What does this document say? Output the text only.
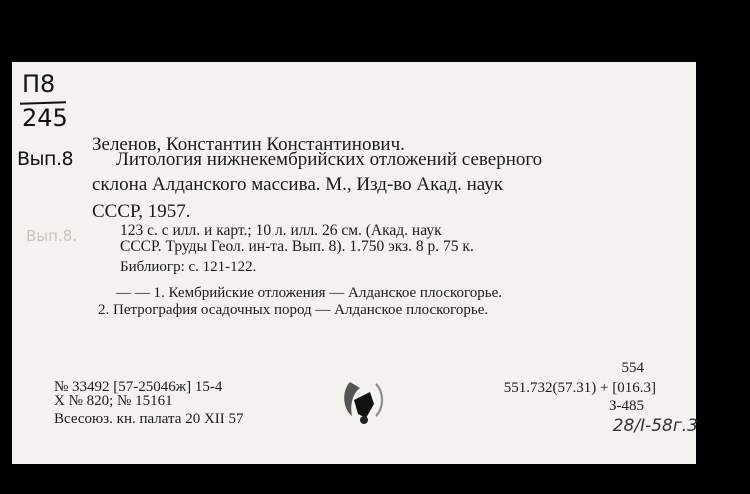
П8
245
Вып.8
Вып.8.
Зеленов, Константин Константинович.
Литология нижнекембрийских отложений северного
склона Алданского массива. М., Изд-во Акад. наук
СССР, 1957.
123 с. с илл. и карт.; 10 л. илл. 26 см. (Акад. наук
СССР. Труды Геол. ин-та. Вып. 8). 1.750 экз. 8 р. 75 к.
Библиогр: с. 121-122.
— — 1. Кембрийские отложения — Алданское плоскогорье.
2. Петрография осадочных пород — Алданское плоскогорье.
№ 33492 [57-25046ж] 15-4
X № 820; № 15161
Всесоюз. кн. палата 20 XII 57
554
551.732(57.31) + [016.3]
З-485
28/I-58г.3
